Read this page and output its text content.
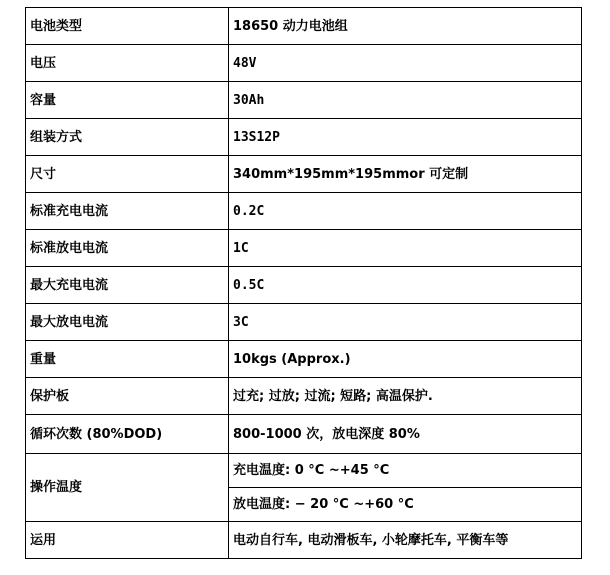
电池类型	18650 动力电池组
电压	48V
容量	30Ah
组装方式	13S12P
尺寸	340mm*195mm*195mmor 可定制
标准充电电流	0.2C
标准放电电流	1C
最大充电电流	0.5C
最大放电电流	3C
重量	10kgs (Approx.)
保护板	过充; 过放; 过流; 短路; 高温保护.
循环次数 (80%DOD)	800-1000 次，放电深度 80%
操作温度	充电温度: 0 °C ~+45 °C
	放电温度: − 20 °C ~+60 °C
运用	电动自行车, 电动滑板车, 小轮摩托车, 平衡车等
